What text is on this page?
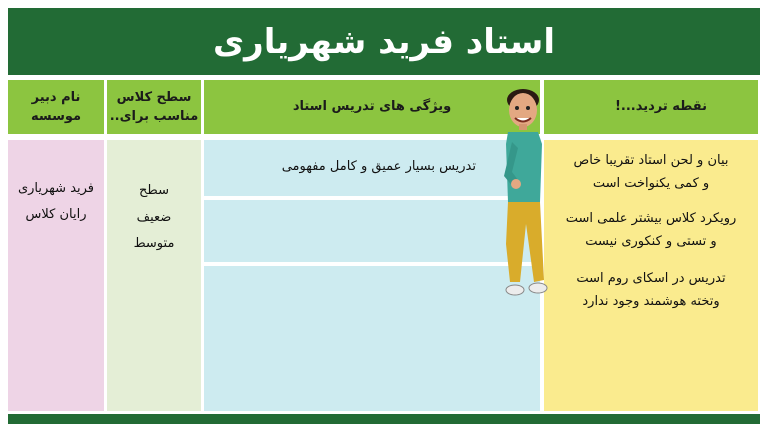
استاد فرید شهریاری
نام دبیر
موسسه
سطح کلاس
مناسب برای..
ویژگی های تدریس استاد	نقطه تردید...!
فرید شهریاری
رایان کلاس
سطح
ضعیف
متوسط
تدریس بسیار عمیق و کامل مفهومی	بیان و لحن استاد تقریبا خاص
و کمی یکنواخت است
رویکرد کلاس بیشتر علمی است
و تستی و کنکوری نیست
تدریس در اسکای روم است
وتخته هوشمند وجود ندارد
